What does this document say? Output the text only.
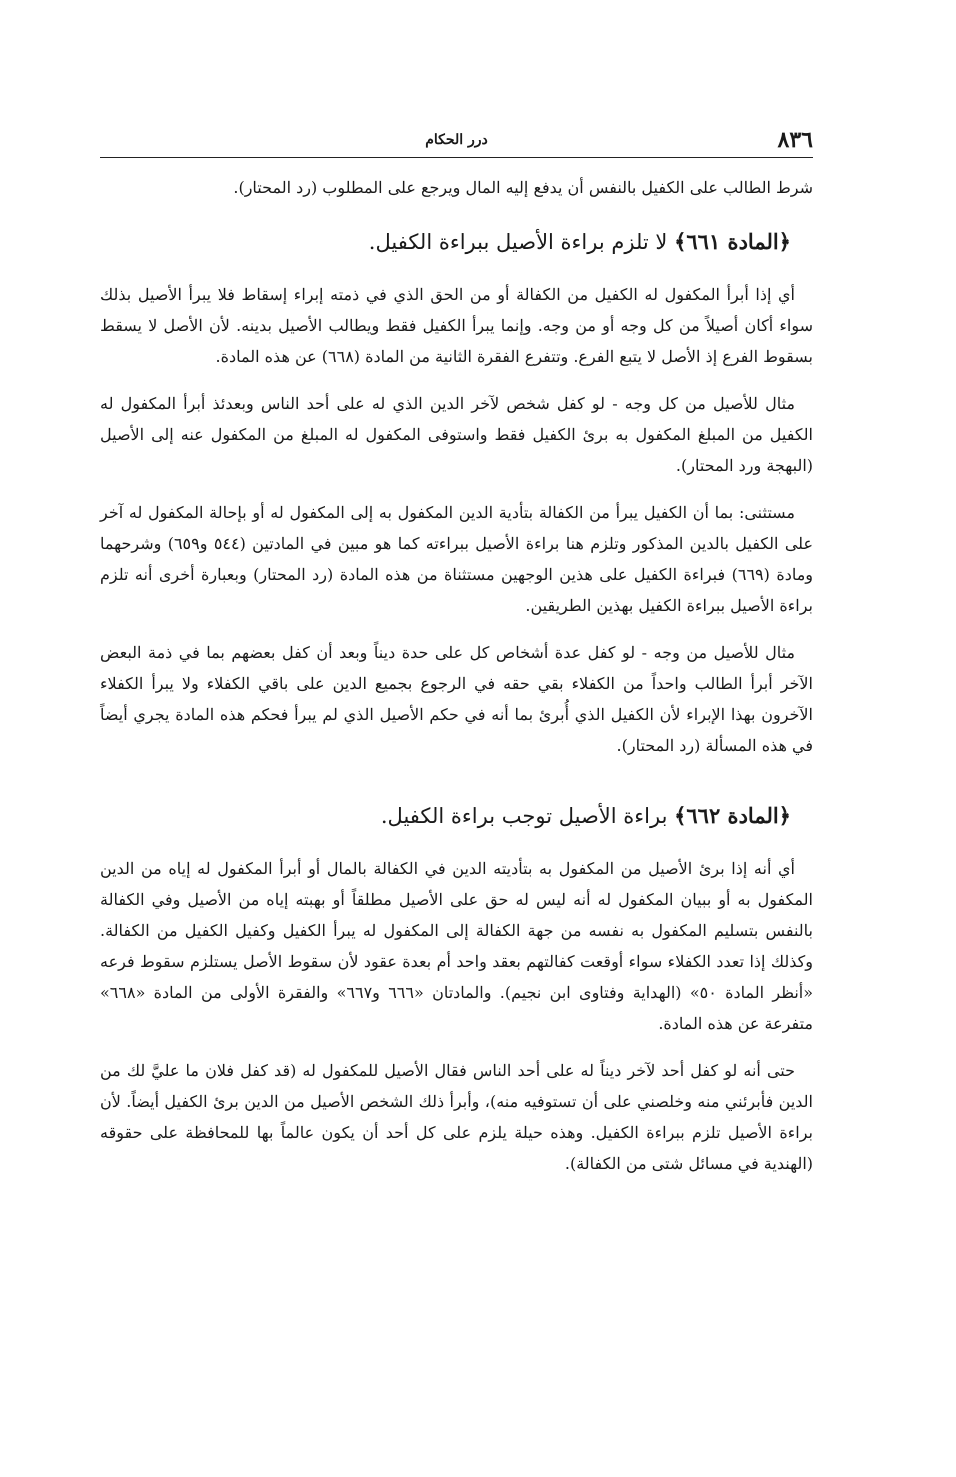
٨٣٦
درر الحكام

شرط الطالب على الكفيل بالنفس أن يدفع إليه المال ويرجع على المطلوب (رد المحتار).

﴿المادة ٦٦١﴾ لا تلزم براءة الأصيل ببراءة الكفيل.

أي إذا أبرأ المكفول له الكفيل من الكفالة أو من الحق الذي في ذمته إبراء إسقاط فلا يبرأ الأصيل بذلك سواء أكان أصيلاً من كل وجه أو من وجه. وإنما يبرأ الكفيل فقط ويطالب الأصيل بدينه. لأن الأصل لا يسقط بسقوط الفرع إذ الأصل لا يتبع الفرع. وتتفرع الفقرة الثانية من المادة (٦٦٨) عن هذه المادة.

مثال للأصيل من كل وجه - لو كفل شخص لآخر الدين الذي له على أحد الناس وبعدئذ أبرأ المكفول له الكفيل من المبلغ المكفول به برئ الكفيل فقط واستوفى المكفول له المبلغ من المكفول عنه إلى الأصيل (البهجة ورد المحتار).

مستثنى: بما أن الكفيل يبرأ من الكفالة بتأدية الدين المكفول به إلى المكفول له أو بإحالة المكفول له آخر على الكفيل بالدين المذكور وتلزم هنا براءة الأصيل ببراءته كما هو مبين في المادتين (٥٤٤ و٦٥٩) وشرحهما ومادة (٦٦٩) فبراءة الكفيل على هذين الوجهين مستثناة من هذه المادة (رد المحتار) وبعبارة أخرى أنه تلزم براءة الأصيل ببراءة الكفيل بهذين الطريقين.

مثال للأصيل من وجه - لو كفل عدة أشخاص كل على حدة ديناً وبعد أن كفل بعضهم بما في ذمة البعض الآخر أبرأ الطالب واحداً من الكفلاء بقي حقه في الرجوع بجميع الدين على باقي الكفلاء ولا يبرأ الكفلاء الآخرون بهذا الإبراء لأن الكفيل الذي أُبرئ بما أنه في حكم الأصيل الذي لم يبرأ فحكم هذه المادة يجري أيضاً في هذه المسألة (رد المحتار).

﴿المادة ٦٦٢﴾ براءة الأصيل توجب براءة الكفيل.

أي أنه إذا برئ الأصيل من المكفول به بتأديته الدين في الكفالة بالمال أو أبرأ المكفول له إياه من الدين المكفول به أو ببيان المكفول له أنه ليس له حق على الأصيل مطلقاً أو بهبته إياه من الأصيل وفي الكفالة بالنفس بتسليم المكفول به نفسه من جهة الكفالة إلى المكفول له يبرأ الكفيل وكفيل الكفيل من الكفالة. وكذلك إذا تعدد الكفلاء سواء أوقعت كفالتهم بعقد واحد أم بعدة عقود لأن سقوط الأصل يستلزم سقوط فرعه «أنظر المادة ٥٠» (الهداية وفتاوى ابن نجيم). والمادتان «٦٦٦ و٦٦٧» والفقرة الأولى من المادة «٦٦٨» متفرعة عن هذه المادة.

حتى أنه لو كفل أحد لآخر ديناً له على أحد الناس فقال الأصيل للمكفول له (قد كفل فلان ما عليَّ لك من الدين فأبرئني منه وخلصني على أن تستوفيه منه)، وأبرأ ذلك الشخص الأصيل من الدين برئ الكفيل أيضاً. لأن براءة الأصيل تلزم ببراءة الكفيل. وهذه حيلة يلزم على كل أحد أن يكون عالماً بها للمحافظة على حقوقه (الهندية في مسائل شتى من الكفالة).
